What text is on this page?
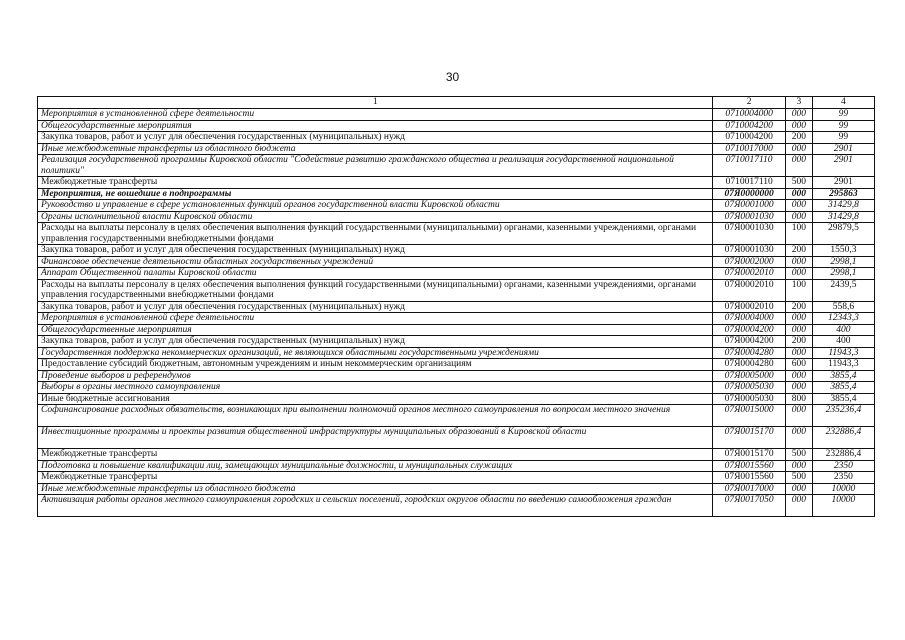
30
1	2	3	4
Мероприятия в установленной сфере деятельности	0710004000	000	99
Общегосударственные мероприятия	0710004200	000	99
Закупка товаров, работ и услуг для обеспечения государственных (муниципальных) нужд	0710004200	200	99
Иные межбюджетные трансферты из областного бюджета	0710017000	000	2901
Реализация государственной программы Кировской области "Содействие развитию гражданского общества и реализация государственной национальной политики"	0710017110	000	2901
Межбюджетные трансферты	0710017110	500	2901
Мероприятия, не вошедшие в подпрограммы	07Я0000000	000	295863
Руководство и управление в сфере установленных функций органов государственной власти Кировской области	07Я0001000	000	31429,8
Органы исполнительной власти Кировской области	07Я0001030	000	31429,8
Расходы на выплаты персоналу в целях обеспечения выполнения функций государственными (муниципальными) органами, казенными учреждениями, органами управления государственными внебюджетными фондами	07Я0001030	100	29879,5
Закупка товаров, работ и услуг для обеспечения государственных (муниципальных) нужд	07Я0001030	200	1550,3
Финансовое обеспечение деятельности областных государственных учреждений	07Я0002000	000	2998,1
Аппарат Общественной палаты Кировской области	07Я0002010	000	2998,1
Расходы на выплаты персоналу в целях обеспечения выполнения функций государственными (муниципальными) органами, казенными учреждениями, органами управления государственными внебюджетными фондами	07Я0002010	100	2439,5
Закупка товаров, работ и услуг для обеспечения государственных (муниципальных) нужд	07Я0002010	200	558,6
Мероприятия в установленной сфере деятельности	07Я0004000	000	12343,3
Общегосударственные мероприятия	07Я0004200	000	400
Закупка товаров, работ и услуг для обеспечения государственных (муниципальных) нужд	07Я0004200	200	400
Государственная поддержка некоммерческих организаций, не являющихся областными государственными учреждениями	07Я0004280	000	11943,3
Предоставление субсидий бюджетным, автономным учреждениям и иным некоммерческим организациям	07Я0004280	600	11943,3
Проведение выборов и референдумов	07Я0005000	000	3855,4
Выборы в органы местного самоуправления	07Я0005030	000	3855,4
Иные бюджетные ассигнования	07Я0005030	800	3855,4
Софинансирование расходных обязательств, возникающих при выполнении полномочий органов местного самоуправления по вопросам местного значения	07Я0015000	000	235236,4
Инвестиционные программы и проекты развития общественной инфраструктуры муниципальных образований в Кировской области	07Я0015170	000	232886,4
Межбюджетные трансферты	07Я0015170	500	232886,4
Подготовка и повышение квалификации лиц, замещающих муниципальные должности, и муниципальных служащих	07Я0015560	000	2350
Межбюджетные трансферты	07Я0015560	500	2350
Иные межбюджетные трансферты из областного бюджета	07Я0017000	000	10000
Активизация работы органов местного самоуправления городских и сельских поселений, городских округов области по введению самообложения граждан	07Я0017050	000	10000
